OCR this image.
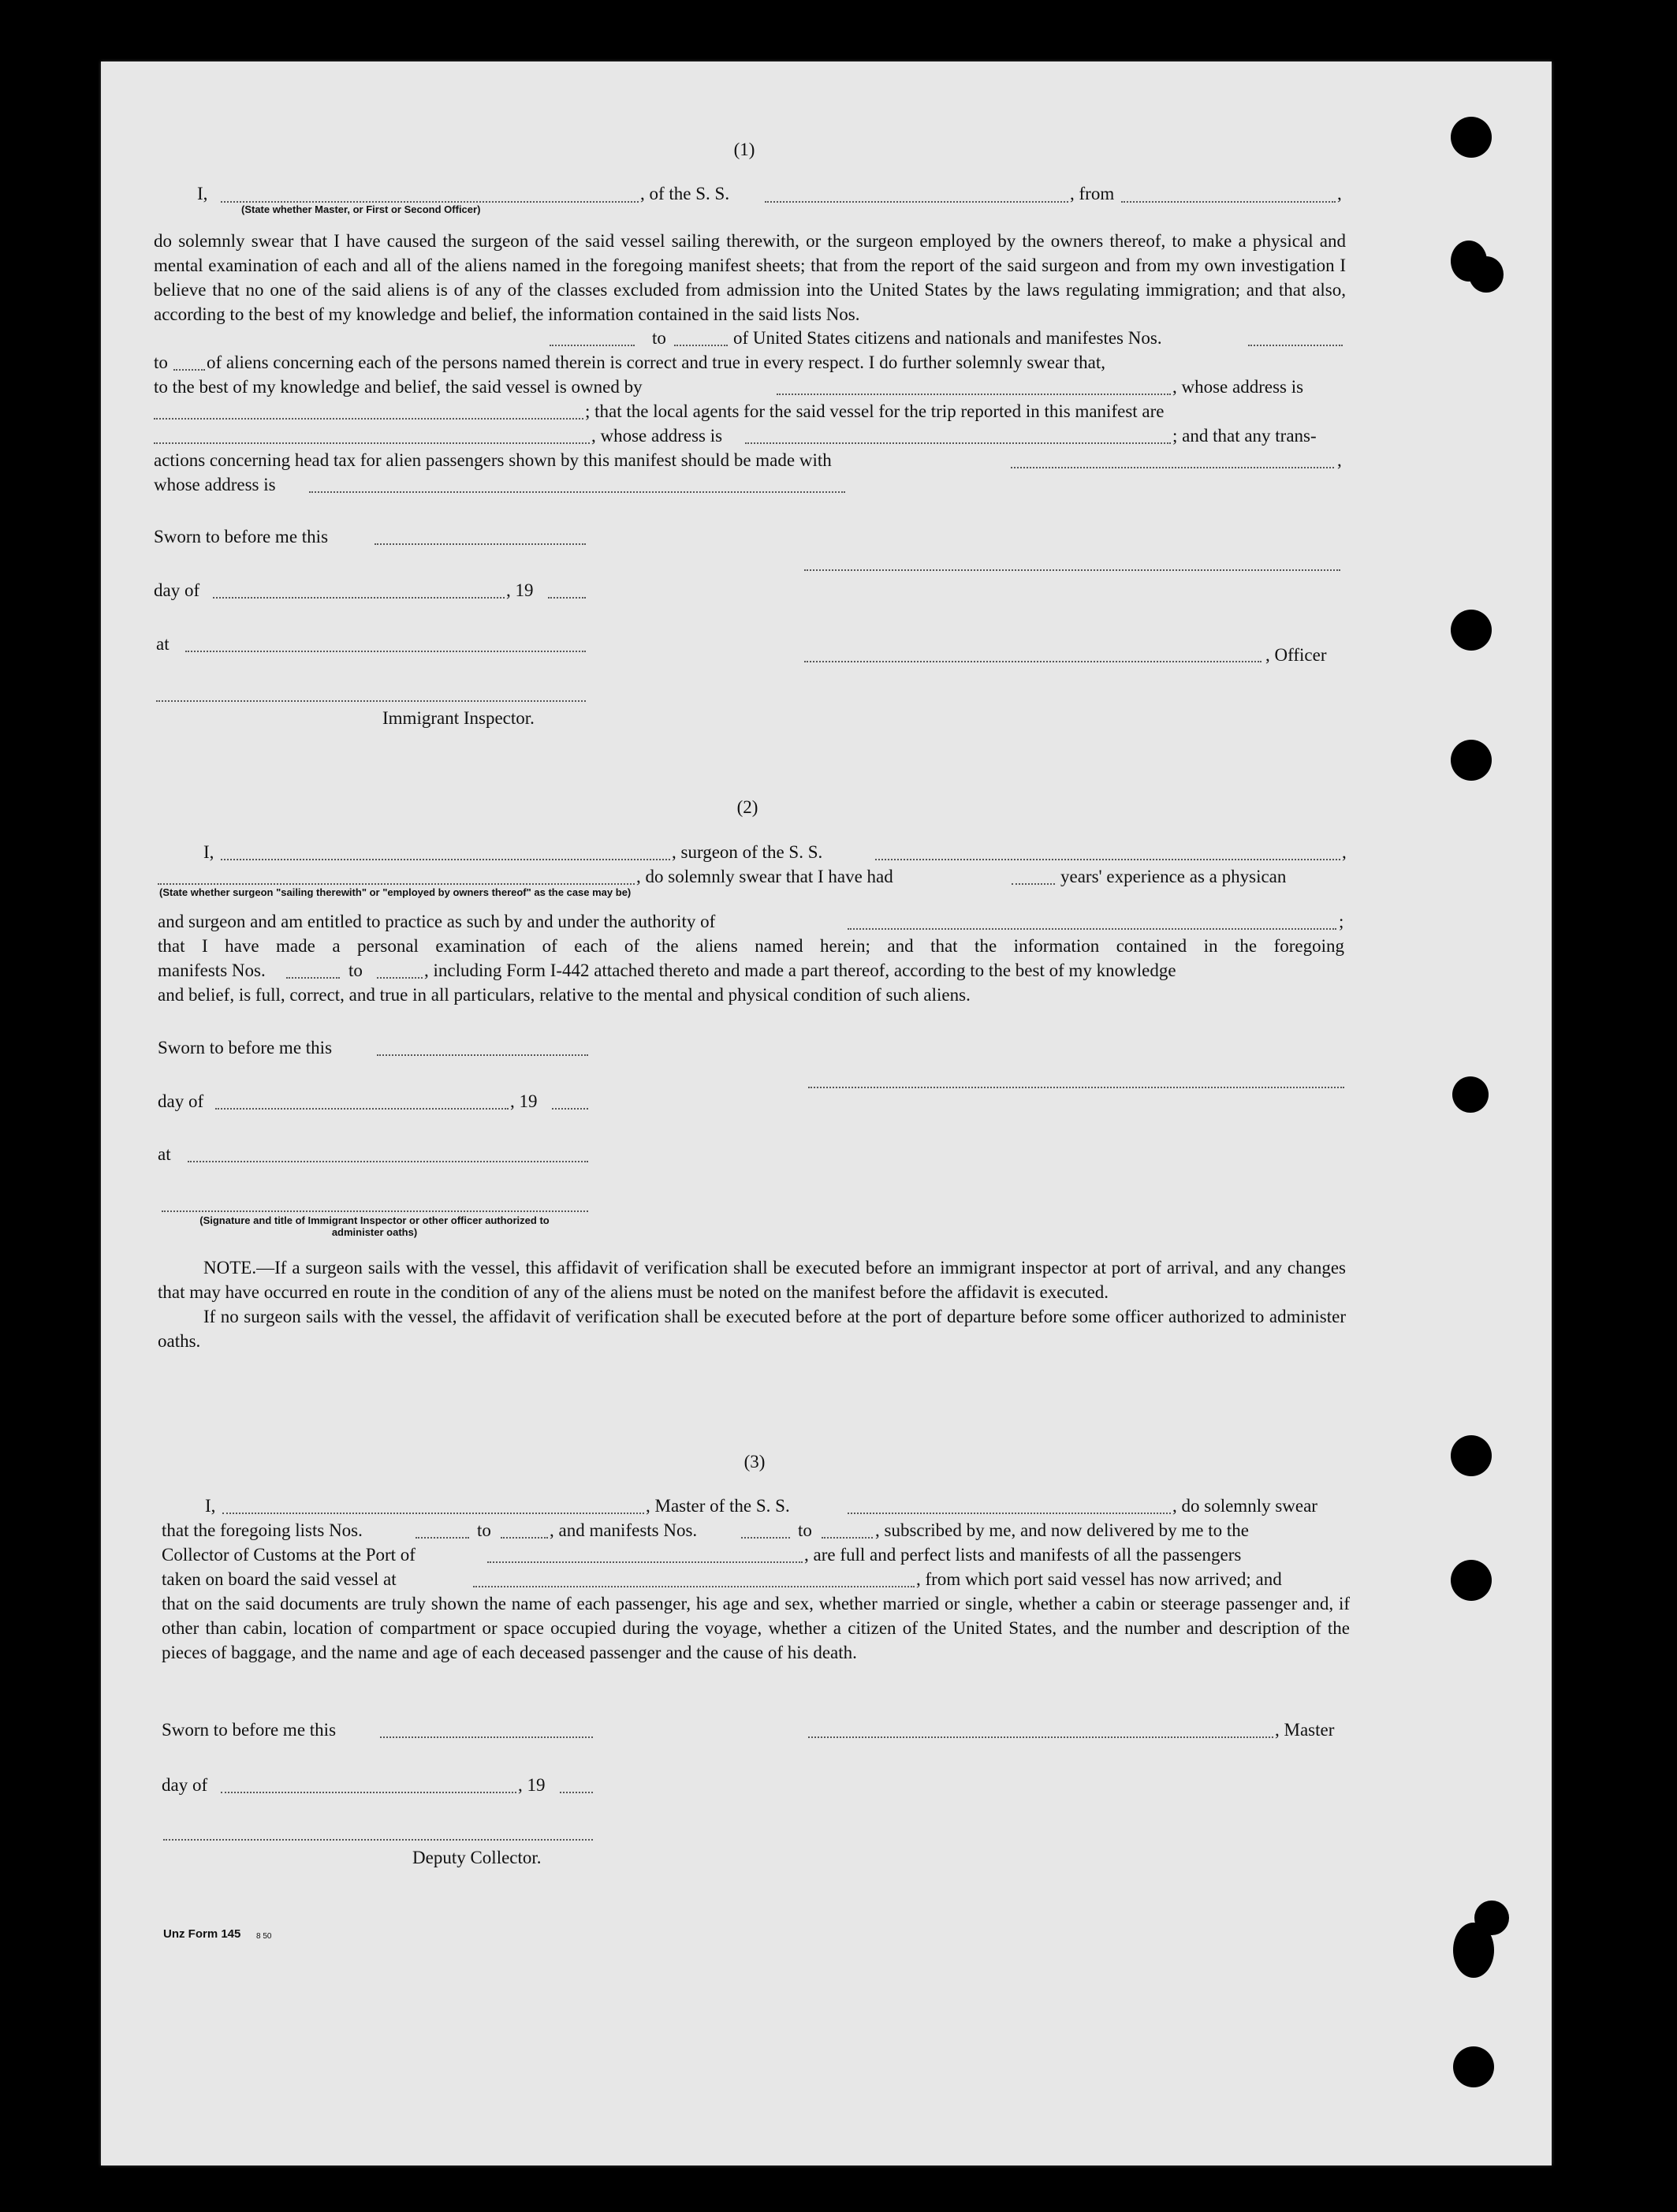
(1)
I,	, of the S. S.	, from	,
(State whether Master, or First or Second Officer)
do solemnly swear that I have caused the surgeon of the said vessel sailing therewith, or the surgeon employed by the owners thereof, to make a physical and mental examination of each and all of the aliens named in the foregoing manifest sheets; that from the report of the said surgeon and from my own investigation I believe that no one of the said aliens is of any of the classes excluded from admission into the United States by the laws regulating immigration; and that also, according to the best of my knowledge and belief, the information contained in the said lists Nos.
to	of United States citizens and nationals and manifestes Nos.
to of aliens concerning each of the persons named therein is correct and true in every respect. I do further solemnly swear that,
to the best of my knowledge and belief, the said vessel is owned by	, whose address is
; that the local agents for the said vessel for the trip reported in this manifest are
, whose address is	; and that any trans-
actions concerning head tax for alien passengers shown by this manifest should be made with	,
whose address is
Sworn to before me this
day of	, 19
at
, Officer
Immigrant Inspector.
(2)
I,	, surgeon of the S. S.	,
, do solemnly swear that I have had	years' experience as a physican
(State whether surgeon "sailing therewith" or "employed by owners thereof" as the case may be)
and surgeon and am entitled to practice as such by and under the authority of	;
that I have made a personal examination of each of the aliens named herein; and that the information contained in the foregoing
manifests Nos.	to	, including Form I-442 attached thereto and made a part thereof, according to the best of my knowledge
and belief, is full, correct, and true in all particulars, relative to the mental and physical condition of such aliens.
Sworn to before me this
day of	, 19
at
(Signature and title of Immigrant Inspector or other officer authorized to administer oaths)

NOTE.—If a surgeon sails with the vessel, this affidavit of verification shall be executed before an immigrant inspector at port of arrival, and any changes that may have occurred en route in the condition of any of the aliens must be noted on the manifest before the affidavit is executed.

If no surgeon sails with the vessel, the affidavit of verification shall be executed before at the port of departure before some officer authorized to administer oaths.

(3)
I,	, Master of the S. S.	, do solemnly swear
that the foregoing lists Nos.	to	, and manifests Nos.	to	, subscribed by me, and now delivered by me to the
Collector of Customs at the Port of	, are full and perfect lists and manifests of all the passengers
taken on board the said vessel at	, from which port said vessel has now arrived; and
that on the said documents are truly shown the name of each passenger, his age and sex, whether married or single, whether a cabin or steerage passenger and, if other than cabin, location of compartment or space occupied during the voyage, whether a citizen of the United States, and the number and description of the pieces of baggage, and the name and age of each deceased passenger and the cause of his death.
Sworn to before me this	, Master
day of	, 19
Deputy Collector.
Unz Form 145 8 50
